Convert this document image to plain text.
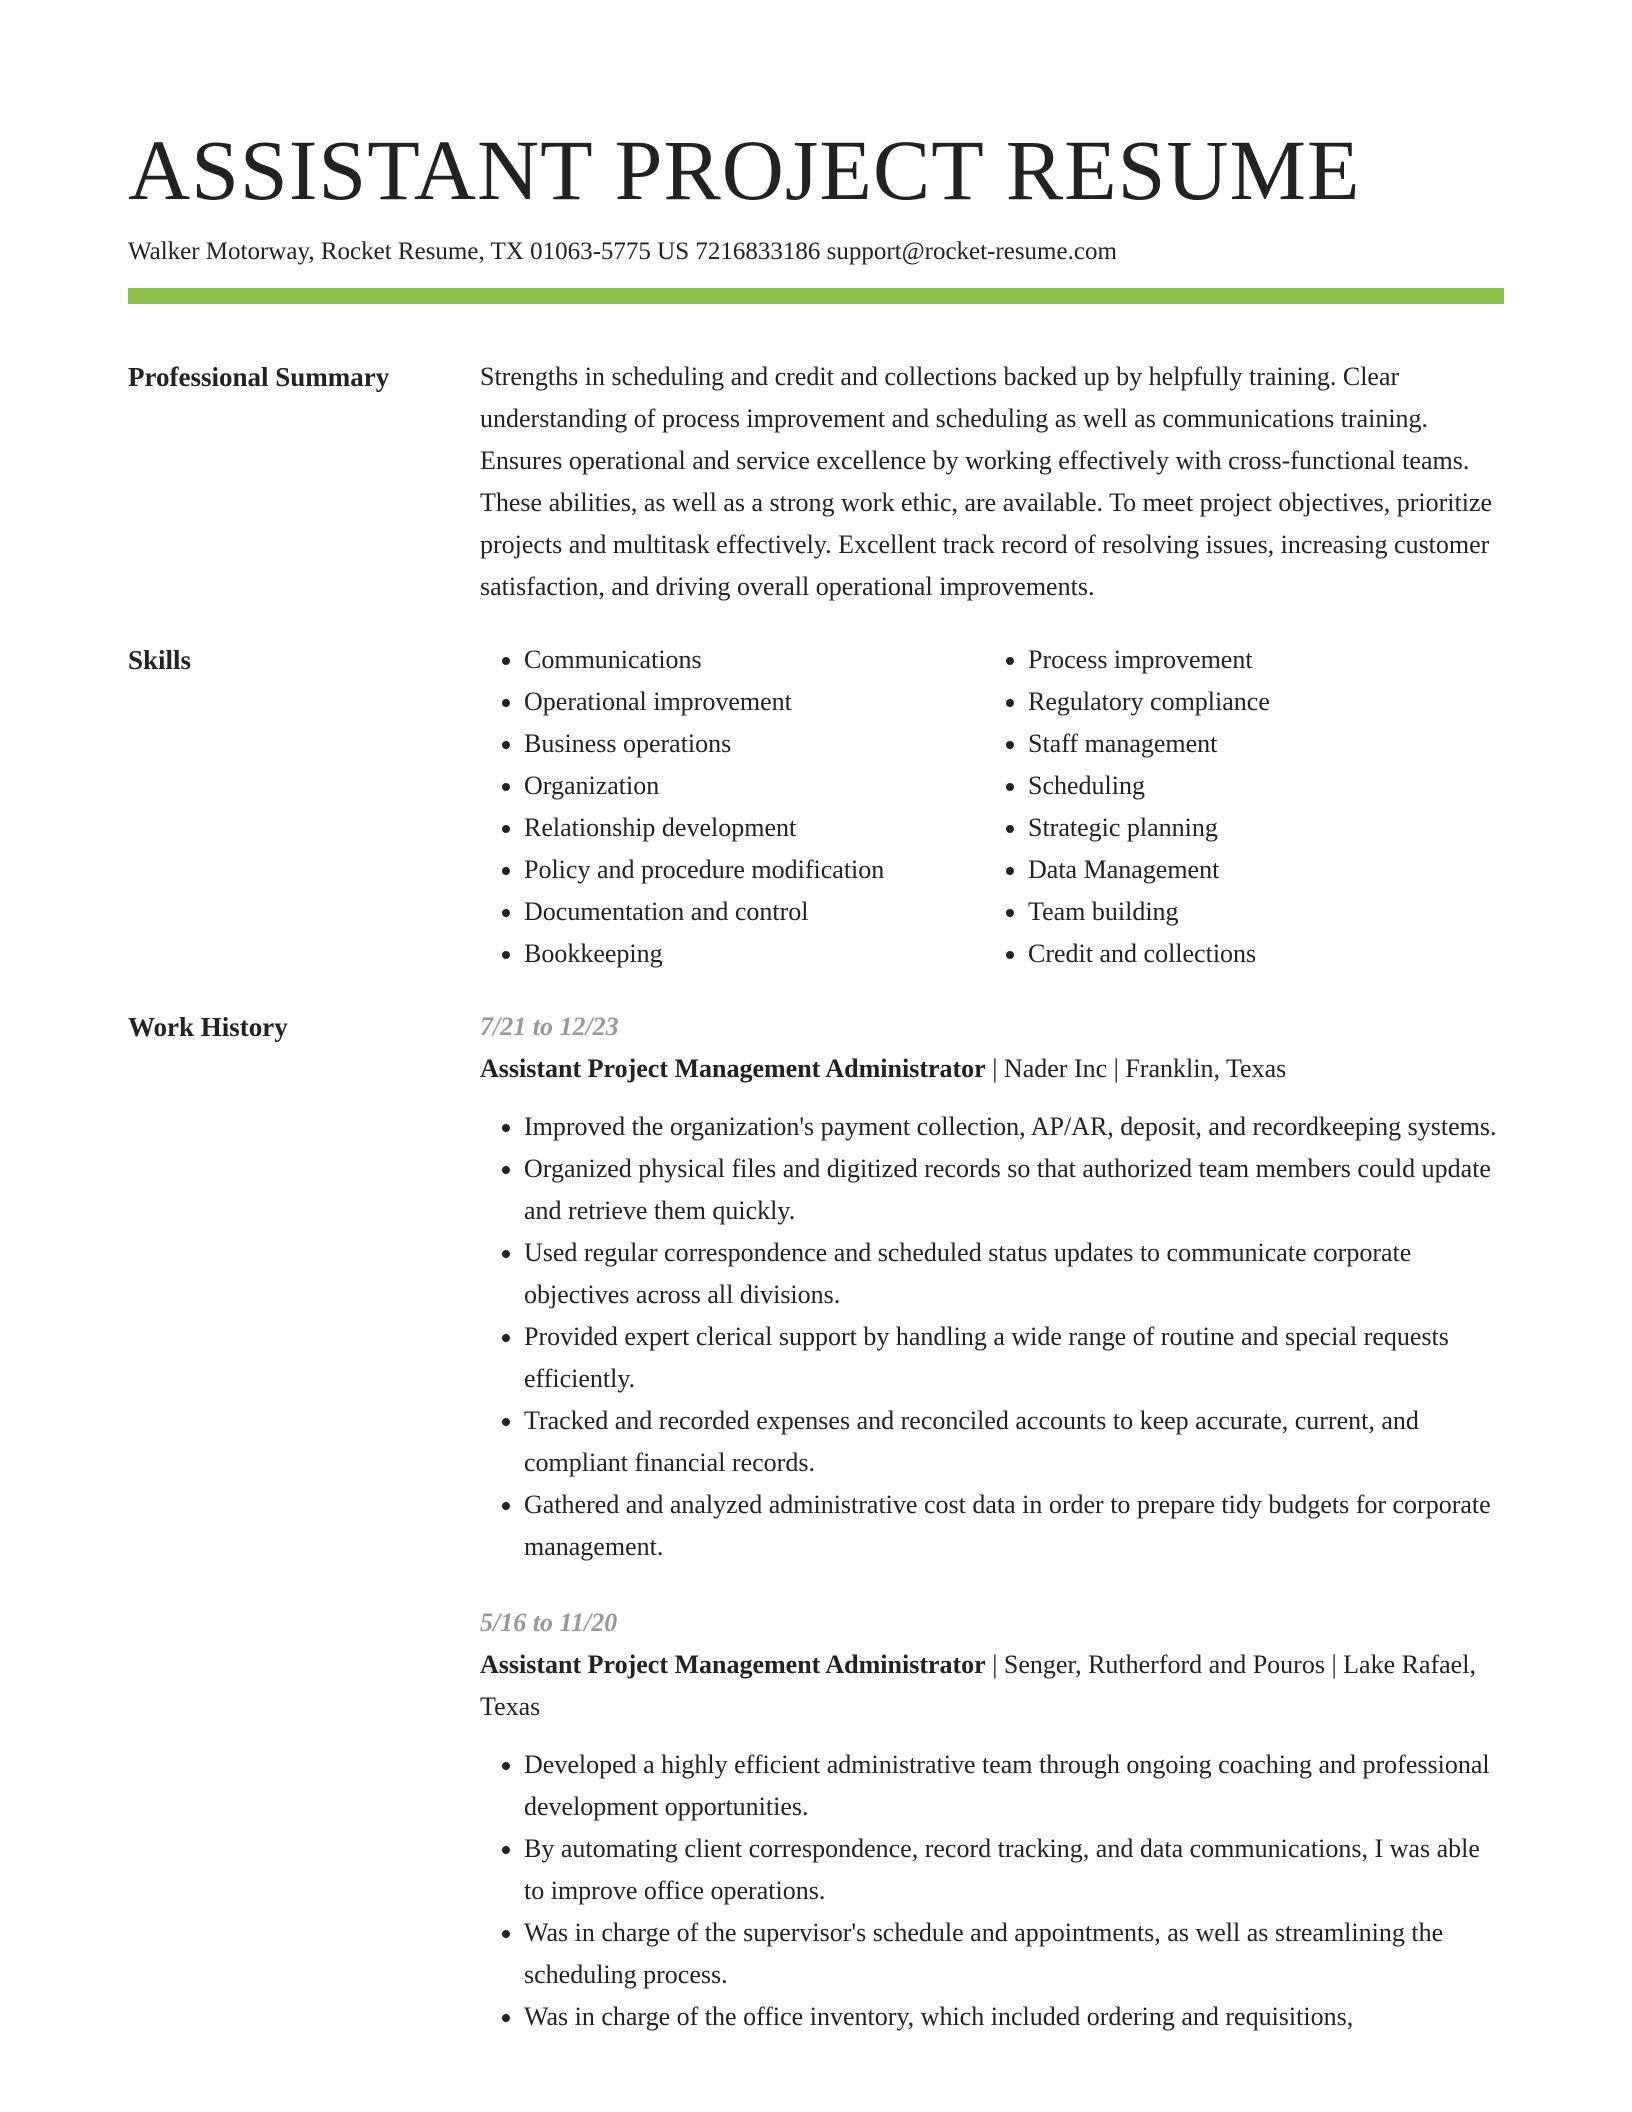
ASSISTANT PROJECT RESUME
Walker Motorway, Rocket Resume, TX 01063-5775 US 7216833186 support@rocket-resume.com
Professional Summary	Strengths in scheduling and credit and collections backed up by helpfully training. Clear understanding of process improvement and scheduling as well as communications training. Ensures operational and service excellence by working effectively with cross-functional teams. These abilities, as well as a strong work ethic, are available. To meet project objectives, prioritize projects and multitask effectively. Excellent track record of resolving issues, increasing customer satisfaction, and driving overall operational improvements.

Skills
•	Communications
• Operational improvement
• Business operations
• Organization
• Relationship development
• Policy and procedure modification
• Documentation and control
• Bookkeeping
• Process improvement
• Regulatory compliance
• Staff management
• Scheduling
• Strategic planning
• Data Management
• Team building
• Credit and collections
Work History	7/21 to 12/23
Assistant Project Management Administrator | Nader Inc | Franklin, Texas
• Improved the organization's payment collection, AP/AR, deposit, and recordkeeping systems.
• Organized physical files and digitized records so that authorized team members could update and retrieve them quickly.
• Used regular correspondence and scheduled status updates to communicate corporate objectives across all divisions.
• Provided expert clerical support by handling a wide range of routine and special requests efficiently.
• Tracked and recorded expenses and reconciled accounts to keep accurate, current, and compliant financial records.
• Gathered and analyzed administrative cost data in order to prepare tidy budgets for corporate management.
5/16 to 11/20
Assistant Project Management Administrator | Senger, Rutherford and Pouros | Lake Rafael, Texas
• Developed a highly efficient administrative team through ongoing coaching and professional development opportunities.
• By automating client correspondence, record tracking, and data communications, I was able to improve office operations.
• Was in charge of the supervisor's schedule and appointments, as well as streamlining the scheduling process.
• Was in charge of the office inventory, which included ordering and requisitions,
